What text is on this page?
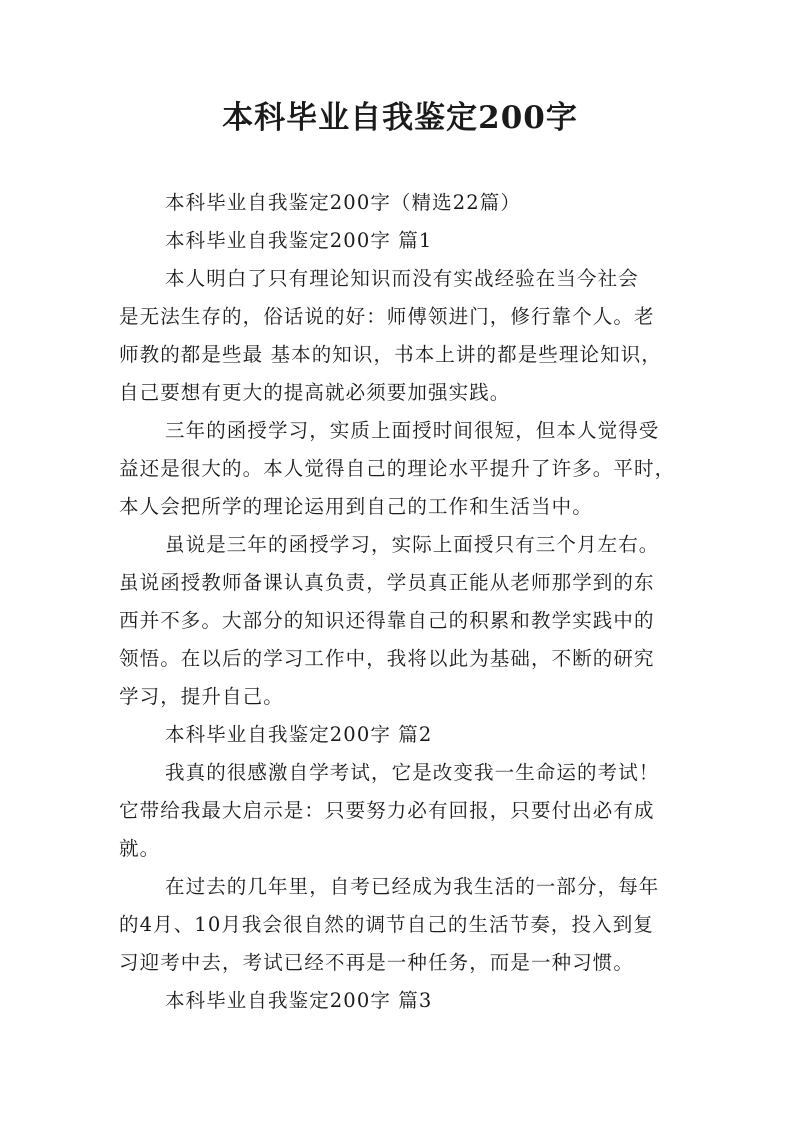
本科毕业自我鉴定200字
本科毕业自我鉴定200字（精选22篇）
本科毕业自我鉴定200字 篇1
本人明白了只有理论知识而没有实战经验在当今社会
是无法生存的，俗话说的好：师傅领进门，修行靠个人。老
师教的都是些最 基本的知识，书本上讲的都是些理论知识，
自己要想有更大的提高就必须要加强实践。
三年的函授学习，实质上面授时间很短，但本人觉得受
益还是很大的。本人觉得自己的理论水平提升了许多。平时，
本人会把所学的理论运用到自己的工作和生活当中。
虽说是三年的函授学习，实际上面授只有三个月左右。
虽说函授教师备课认真负责，学员真正能从老师那学到的东
西并不多。大部分的知识还得靠自己的积累和教学实践中的
领悟。在以后的学习工作中，我将以此为基础，不断的研究
学习，提升自己。
本科毕业自我鉴定200字 篇2
我真的很感激自学考试，它是改变我一生命运的考试！
它带给我最大启示是：只要努力必有回报，只要付出必有成
就。
在过去的几年里，自考已经成为我生活的一部分，每年
的4月、10月我会很自然的调节自己的生活节奏，投入到复
习迎考中去，考试已经不再是一种任务，而是一种习惯。
本科毕业自我鉴定200字 篇3
